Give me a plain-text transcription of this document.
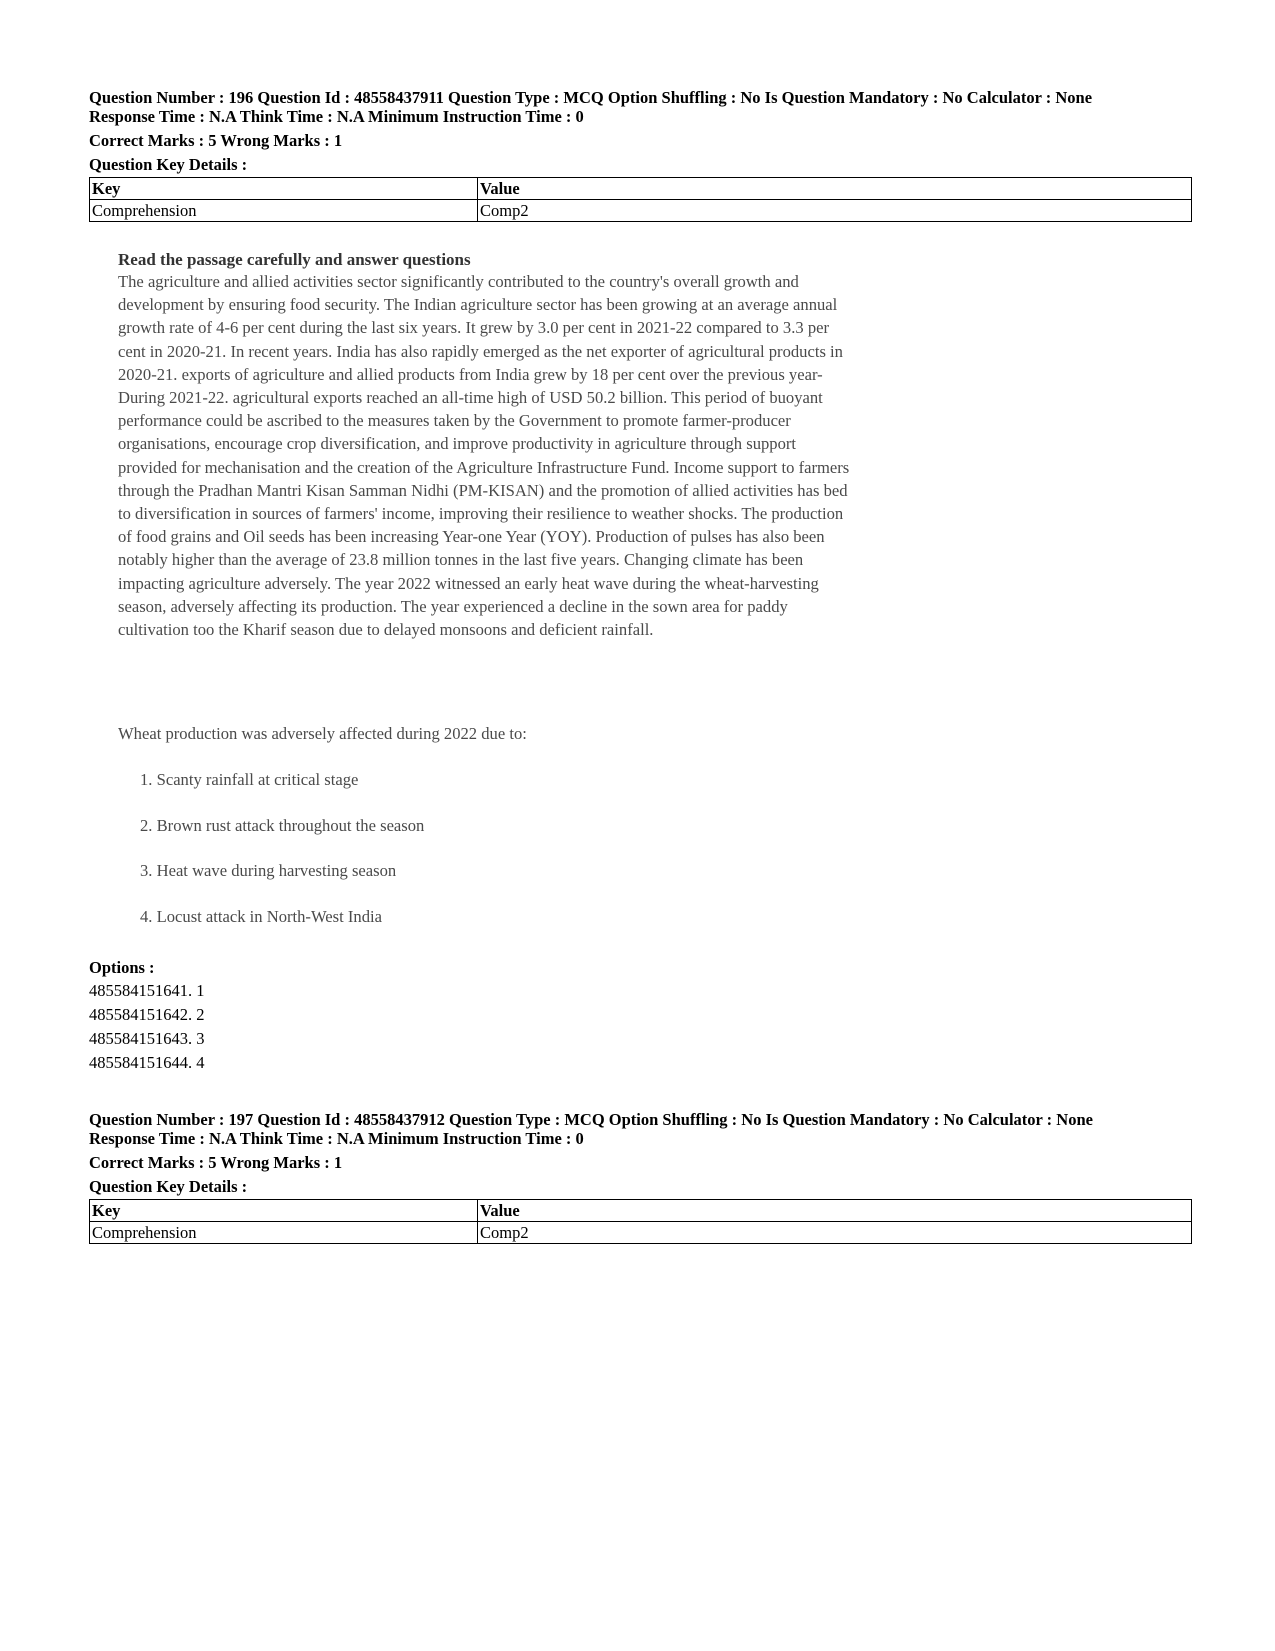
Question Number : 196 Question Id : 48558437911 Question Type : MCQ Option Shuffling : No Is Question Mandatory : No Calculator : None
Response Time : N.A Think Time : N.A Minimum Instruction Time : 0
Correct Marks : 5 Wrong Marks : 1
Question Key Details :
Key	Value
Comprehension	Comp2
Read the passage carefully and answer questions
The agriculture and allied activities sector significantly contributed to the country's overall growth and
development by ensuring food security. The Indian agriculture sector has been growing at an average annual
growth rate of 4-6 per cent during the last six years. It grew by 3.0 per cent in 2021-22 compared to 3.3 per
cent in 2020-21. In recent years. India has also rapidly emerged as the net exporter of agricultural products in
2020-21. exports of agriculture and allied products from India grew by 18 per cent over the previous year-
During 2021-22. agricultural exports reached an all-time high of USD 50.2 billion. This period of buoyant
performance could be ascribed to the measures taken by the Government to promote farmer-producer
organisations, encourage crop diversification, and improve productivity in agriculture through support
provided for mechanisation and the creation of the Agriculture Infrastructure Fund. Income support to farmers
through the Pradhan Mantri Kisan Samman Nidhi (PM-KISAN) and the promotion of allied activities has bed
to diversification in sources of farmers' income, improving their resilience to weather shocks. The production
of food grains and Oil seeds has been increasing Year-one Year (YOY). Production of pulses has also been
notably higher than the average of 23.8 million tonnes in the last five years. Changing climate has been
impacting agriculture adversely. The year 2022 witnessed an early heat wave during the wheat-harvesting
season, adversely affecting its production. The year experienced a decline in the sown area for paddy
cultivation too the Kharif season due to delayed monsoons and deficient rainfall.
Wheat production was adversely affected during 2022 due to:
1. Scanty rainfall at critical stage
2. Brown rust attack throughout the season
3. Heat wave during harvesting season
4. Locust attack in North-West India
Options :
485584151641. 1
485584151642. 2
485584151643. 3
485584151644. 4
Question Number : 197 Question Id : 48558437912 Question Type : MCQ Option Shuffling : No Is Question Mandatory : No Calculator : None
Response Time : N.A Think Time : N.A Minimum Instruction Time : 0
Correct Marks : 5 Wrong Marks : 1
Question Key Details :
Key	Value
Comprehension	Comp2
